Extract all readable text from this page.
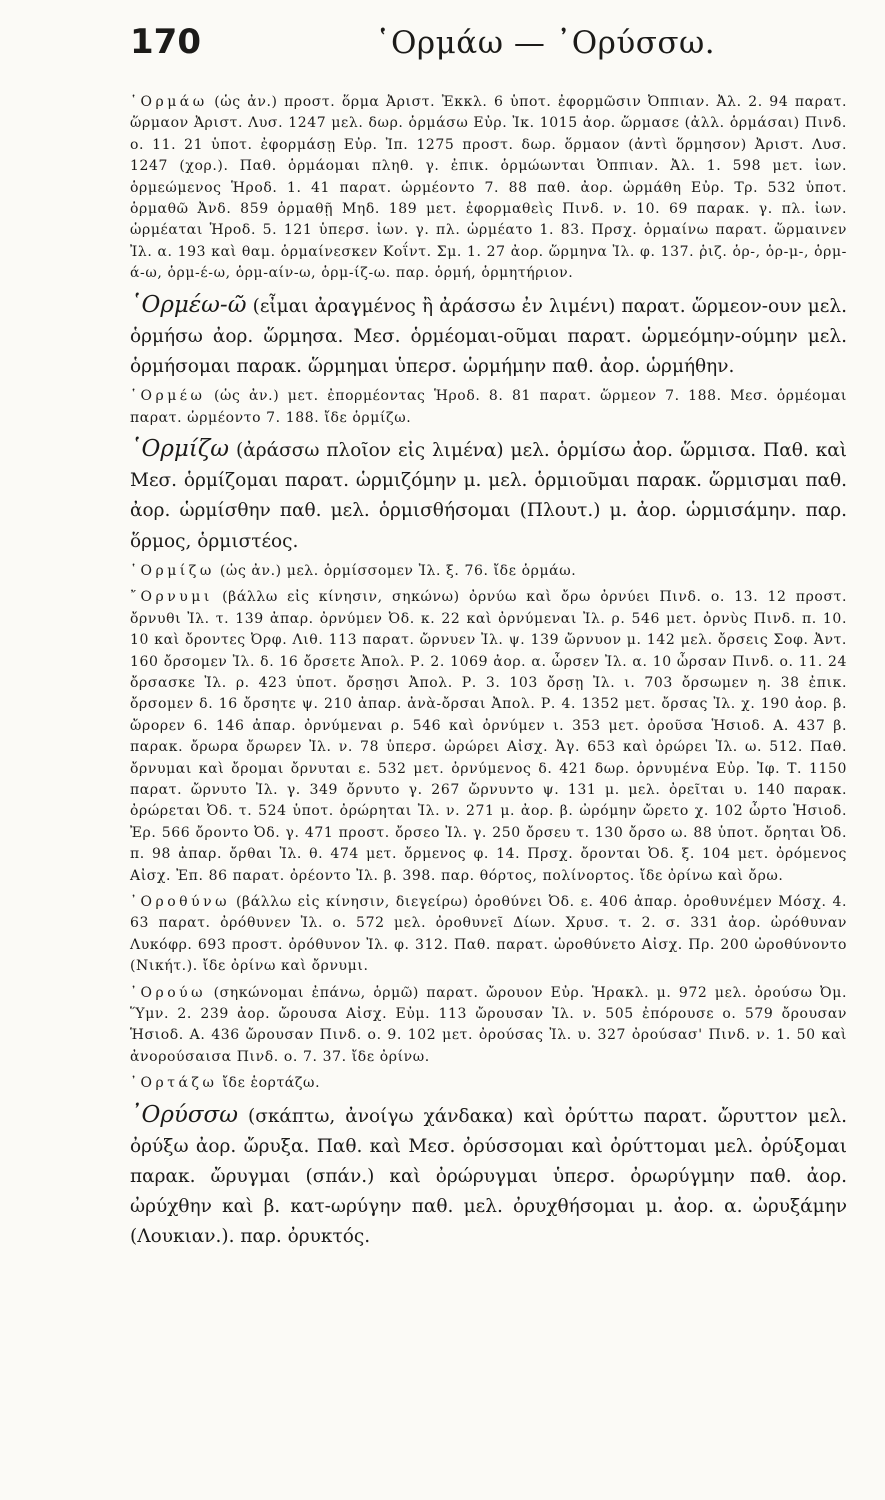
170	῾Ορμάω — ᾿Ορύσσω.

῾Ορμάω (ὡς ἀν.) προστ. ὅρμα Ἀριστ. Ἐκκλ. 6 ὑποτ. ἐφορμῶσιν Ὀππιαν. Ἀλ. 2. 94 παρατ. ὥρμαον Ἀριστ. Λυσ. 1247 μελ. δωρ. ὁρμάσω Εὐρ. Ἰκ. 1015 ἀορ. ὥρμασε (ἀλλ. ὁρμάσαι) Πινδ. ο. 11. 21 ὑποτ. ἐφορμάσῃ Εὐρ. Ἰπ. 1275 προστ. δωρ. ὅρμαον (ἀντὶ ὅρμησον) Ἀριστ. Λυσ. 1247 (χορ.). Παθ. ὁρμάομαι πληθ. γ. ἐπικ. ὁρμώωνται Ὀππιαν. Ἀλ. 1. 598 μετ. ἰων. ὁρμεώμενος Ἡροδ. 1. 41 παρατ. ὡρμέοντο 7. 88 παθ. ἀορ. ὡρμάθη Εὐρ. Τρ. 532 ὑποτ. ὁρμαθῶ Ἀνδ. 859 ὁρμαθῇ Μηδ. 189 μετ. ἐφορμαθεὶς Πινδ. ν. 10. 69 παρακ. γ. πλ. ἰων. ὡρμέαται Ἡροδ. 5. 121 ὑπερσ. ἰων. γ. πλ. ὡρμέατο 1. 83. Πρσχ. ὁρμαίνω παρατ. ὥρμαινεν Ἰλ. α. 193 καὶ θαμ. ὁρμαίνεσκεν Κοΐντ. Σμ. 1. 27 ἀορ. ὥρμηνα Ἰλ. φ. 137. ῥιζ. ὁρ-, ὁρ-μ-, ὁρμ-ά-ω, ὁρμ-έ-ω, ὁρμ-αίν-ω, ὁρμ-ίζ-ω. παρ. ὁρμή, ὁρμητήριον.

῾Ορμέω-ῶ (εἶμαι ἀραγμένος ἢ ἀράσσω ἐν λιμένι) παρατ. ὥρμεον-ουν μελ. ὁρμήσω ἀορ. ὥρμησα. Μεσ. ὁρμέομαι-οῦμαι παρατ. ὡρμεόμην-ούμην μελ. ὁρμήσομαι παρακ. ὥρμημαι ὑπερσ. ὡρμήμην παθ. ἀορ. ὡρμήθην.

῾Ορμέω (ὡς ἀν.) μετ. ἐπορμέοντας Ἡροδ. 8. 81 παρατ. ὥρμεον 7. 188. Μεσ. ὁρμέομαι παρατ. ὡρμέοντο 7. 188. ἴδε ὁρμίζω.

῾Ορμίζω (ἀράσσω πλοῖον εἰς λιμένα) μελ. ὁρμίσω ἀορ. ὥρμισα. Παθ. καὶ Μεσ. ὁρμίζομαι παρατ. ὡρμιζόμην μ. μελ. ὁρμιοῦμαι παρακ. ὥρμισμαι παθ. ἀορ. ὡρμίσθην παθ. μελ. ὁρμισθήσομαι (Πλουτ.) μ. ἀορ. ὡρμισάμην. παρ. ὅρμος, ὁρμιστέος.

῾Ορμίζω (ὡς ἀν.) μελ. ὁρμίσσομεν Ἰλ. ξ. 76. ἴδε ὁρμάω.

῎Ορνυμι (βάλλω εἰς κίνησιν, σηκώνω) ὀρνύω καὶ ὄρω ὀρνύει Πινδ. ο. 13. 12 προστ. ὄρνυθι Ἰλ. τ. 139 ἀπαρ. ὀρνύμεν Ὀδ. κ. 22 καὶ ὀρνύμεναι Ἰλ. ρ. 546 μετ. ὀρνὺς Πινδ. π. 10. 10 καὶ ὄροντες Ὀρφ. Λιθ. 113 παρατ. ὤρνυεν Ἰλ. ψ. 139 ὤρνυον μ. 142 μελ. ὄρσεις Σοφ. Ἀντ. 160 ὄρσομεν Ἰλ. δ. 16 ὄρσετε Ἀπολ. Ρ. 2. 1069 ἀορ. α. ὦρσεν Ἰλ. α. 10 ὦρσαν Πινδ. ο. 11. 24 ὄρσασκε Ἰλ. ρ. 423 ὑποτ. ὄρσῃσι Ἀπολ. Ρ. 3. 103 ὄρσῃ Ἰλ. ι. 703 ὄρσωμεν η. 38 ἐπικ. ὄρσομεν δ. 16 ὄρσητε ψ. 210 ἀπαρ. ἀνὰ-ὄρσαι Ἀπολ. Ρ. 4. 1352 μετ. ὄρσας Ἰλ. χ. 190 ἀορ. β. ὤρορεν 6. 146 ἀπαρ. ὀρνύμεναι ρ. 546 καὶ ὀρνύμεν ι. 353 μετ. ὀροῦσα Ἡσιοδ. Α. 437 β. παρακ. ὄρωρα ὄρωρεν Ἰλ. ν. 78 ὑπερσ. ὠρώρει Αἰσχ. Ἀγ. 653 καὶ ὀρώρει Ἰλ. ω. 512. Παθ. ὄρνυμαι καὶ ὄρομαι ὄρνυται ε. 532 μετ. ὀρνύμενος δ. 421 δωρ. ὀρνυμένα Εὐρ. Ἰφ. Τ. 1150 παρατ. ὤρνυτο Ἰλ. γ. 349 ὄρνυτο γ. 267 ὤρνυντο ψ. 131 μ. μελ. ὀρεῖται υ. 140 παρακ. ὀρώρεται Ὀδ. τ. 524 ὑποτ. ὀρώρηται Ἰλ. ν. 271 μ. ἀορ. β. ὠρόμην ὤρετο χ. 102 ὦρτο Ἡσιοδ. Ἐρ. 566 ὄροντο Ὀδ. γ. 471 προστ. ὄρσεο Ἰλ. γ. 250 ὄρσευ τ. 130 ὄρσο ω. 88 ὑποτ. ὄρηται Ὀδ. π. 98 ἀπαρ. ὄρθαι Ἰλ. θ. 474 μετ. ὄρμενος φ. 14. Πρσχ. ὄρονται Ὀδ. ξ. 104 μετ. ὀρόμενος Αἰσχ. Ἐπ. 86 παρατ. ὀρέοντο Ἰλ. β. 398. παρ. θόρτος, πολίνορτος. ἴδε ὀρίνω καὶ ὄρω.

᾿Οροθύνω (βάλλω εἰς κίνησιν, διεγείρω) ὀροθύνει Ὀδ. ε. 406 ἀπαρ. ὀροθυνέμεν Μόσχ. 4. 63 παρατ. ὀρόθυνεν Ἰλ. ο. 572 μελ. ὀροθυνεῖ Δίων. Χρυσ. τ. 2. σ. 331 ἀορ. ὠρόθυναν Λυκόφρ. 693 προστ. ὀρόθυνον Ἰλ. φ. 312. Παθ. παρατ. ὠροθύνετο Αἰσχ. Πρ. 200 ὠροθύνοντο (Νικήτ.). ἴδε ὀρίνω καὶ ὄρνυμι.

᾿Ορούω (σηκώνομαι ἐπάνω, ὁρμῶ) παρατ. ὤρουον Εὐρ. Ἡρακλ. μ. 972 μελ. ὀρούσω Ὀμ. Ὕμν. 2. 239 ἀορ. ὤρουσα Αἰσχ. Εὐμ. 113 ὤρουσαν Ἰλ. ν. 505 ἐπόρουσε ο. 579 ὄρουσαν Ἡσιοδ. Α. 436 ὤρουσαν Πινδ. ο. 9. 102 μετ. ὀρούσας Ἰλ. υ. 327 ὀρούσασ' Πινδ. ν. 1. 50 καὶ ἀνορούσαισα Πινδ. ο. 7. 37. ἴδε ὀρίνω.

᾿Ορτάζω ἴδε ἑορτάζω.

᾿Ορύσσω (σκάπτω, ἀνοίγω χάνδακα) καὶ ὀρύττω παρατ. ὤρυττον μελ. ὀρύξω ἀορ. ὤρυξα. Παθ. καὶ Μεσ. ὀρύσσομαι καὶ ὀρύττομαι μελ. ὀρύξομαι παρακ. ὤρυγμαι (σπάν.) καὶ ὀρώρυγμαι ὑπερσ. ὀρωρύγμην παθ. ἀορ. ὠρύχθην καὶ β. κατ-ωρύγην παθ. μελ. ὀρυχθήσομαι μ. ἀορ. α. ὠρυξάμην (Λουκιαν.). παρ. ὀρυκτός.
